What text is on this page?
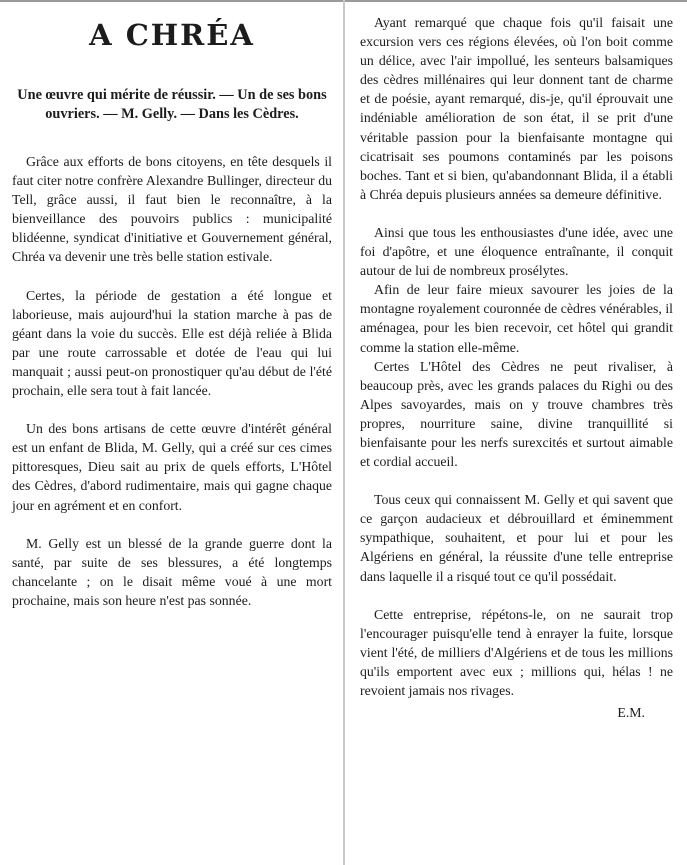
A CHRÉA
Une œuvre qui mérite de réussir. — Un de ses bons ouvriers. — M. Gelly. — Dans les Cèdres.

Grâce aux efforts de bons citoyens, en tête desquels il faut citer notre confrère Alexandre Bullinger, directeur du Tell, grâce aussi, il faut bien le reconnaître, à la bienveillance des pouvoirs publics : municipalité blidéenne, syndicat d'initiative et Gouvernement général, Chréa va devenir une très belle station estivale.

Certes, la période de gestation a été longue et laborieuse, mais aujourd'hui la station marche à pas de géant dans la voie du succès. Elle est déjà reliée à Blida par une route carrossable et dotée de l'eau qui lui manquait ; aussi peut-on pronostiquer qu'au début de l'été prochain, elle sera tout à fait lancée.

Un des bons artisans de cette œuvre d'intérêt général est un enfant de Blida, M. Gelly, qui a créé sur ces cimes pittoresques, Dieu sait au prix de quels efforts, L'Hôtel des Cèdres, d'abord rudimentaire, mais qui gagne chaque jour en agrément et en confort.

M. Gelly est un blessé de la grande guerre dont la santé, par suite de ses blessures, a été longtemps chancelante ; on le disait même voué à une mort prochaine, mais son heure n'est pas sonnée.

Ayant remarqué que chaque fois qu'il faisait une excursion vers ces régions élevées, où l'on boit comme un délice, avec l'air impollué, les senteurs balsamiques des cèdres millénaires qui leur donnent tant de charme et de poésie, ayant remarqué, dis-je, qu'il éprouvait une indéniable amélioration de son état, il se prit d'une véritable passion pour la bienfaisante montagne qui cicatrisait ses poumons contaminés par les poisons boches. Tant et si bien, qu'abandonnant Blida, il a établi à Chréa depuis plusieurs années sa demeure définitive.

Ainsi que tous les enthousiastes d'une idée, avec une foi d'apôtre, et une éloquence entraînante, il conquit autour de lui de nombreux prosélytes.

Afin de leur faire mieux savourer les joies de la montagne royalement couronnée de cèdres vénérables, il aménagea, pour les bien recevoir, cet hôtel qui grandit comme la station elle-même.

Certes L'Hôtel des Cèdres ne peut rivaliser, à beaucoup près, avec les grands palaces du Righi ou des Alpes savoyardes, mais on y trouve chambres très propres, nourriture saine, divine tranquillité si bienfaisante pour les nerfs surexcités et surtout aimable et cordial accueil.

Tous ceux qui connaissent M. Gelly et qui savent que ce garçon audacieux et débrouillard et éminemment sympathique, souhaitent, et pour lui et pour les Algériens en général, la réussite d'une telle entreprise dans laquelle il a risqué tout ce qu'il possédait.

Cette entreprise, répétons-le, on ne saurait trop l'encourager puisqu'elle tend à enrayer la fuite, lorsque vient l'été, de milliers d'Algériens et de tous les millions qu'ils emportent avec eux ; millions qui, hélas ! ne revoient jamais nos rivages.

E.M.
